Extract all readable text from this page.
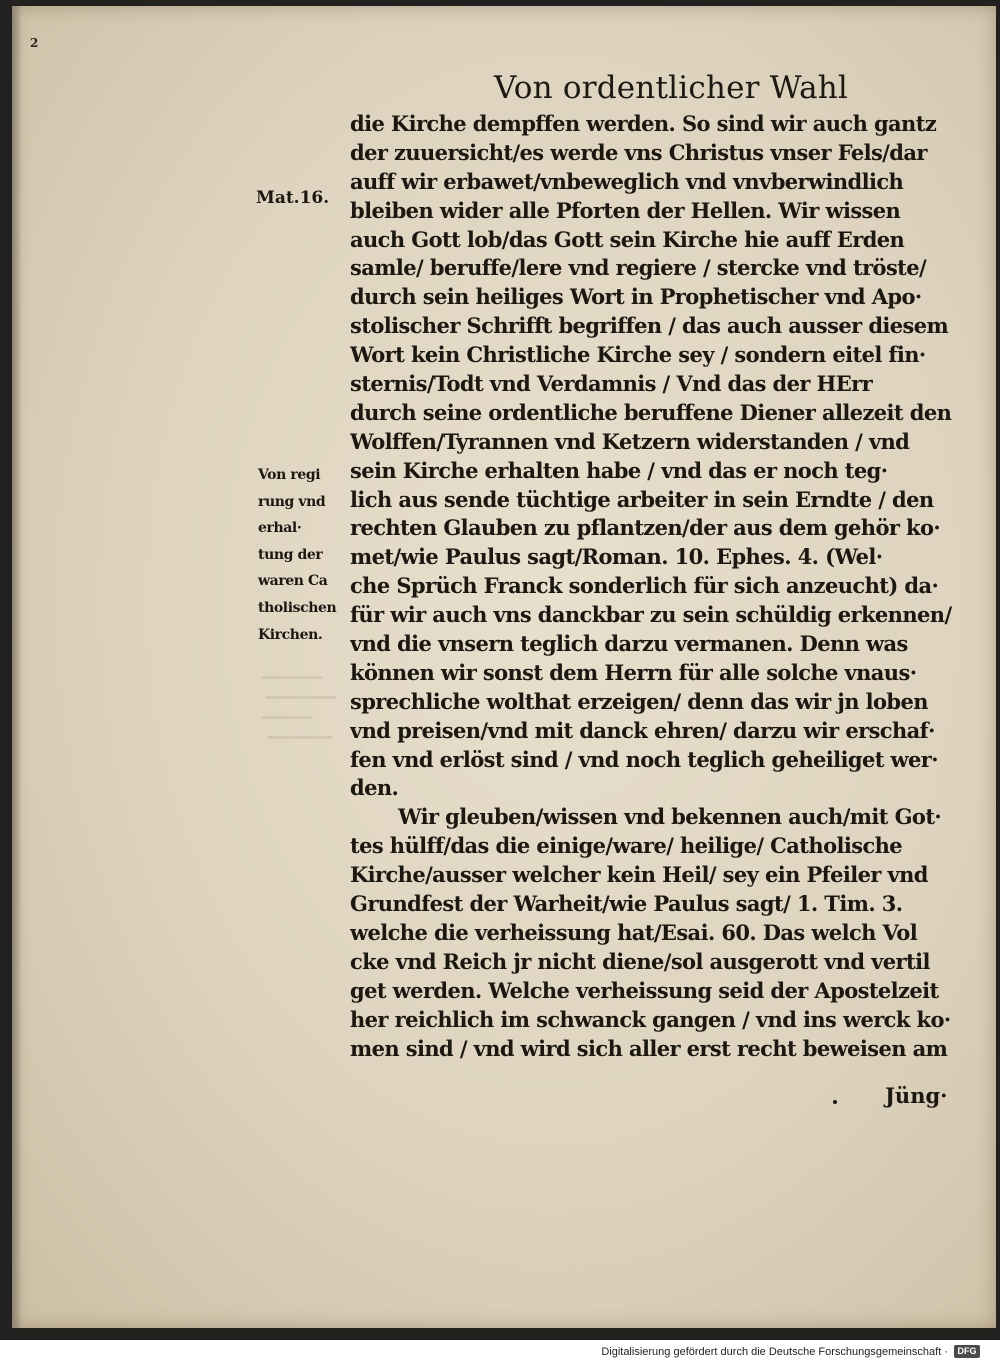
2
Von ordentlicher Wahl
Mat.16.
Von regi
rung vnd
erhal·
tung der
waren Ca
tholischen
Kirchen.
die Kirche dempffen werden. So sind wir auch gantz
der zuuersicht/es werde vns Christus vnser Fels/dar
auff wir erbawet/vnbeweglich vnd vnvberwindlich
bleiben wider alle Pforten der Hellen. Wir wissen
auch Gott lob/das Gott sein Kirche hie auff Erden
samle/ beruffe/lere vnd regiere / stercke vnd tröste/
durch sein heiliges Wort in Prophetischer vnd Apo·
stolischer Schrifft begriffen / das auch ausser diesem
Wort kein Christliche Kirche sey / sondern eitel fin·
sternis/Todt vnd Verdamnis / Vnd das der HErr
durch seine ordentliche beruffene Diener allezeit den
Wolffen/Tyrannen vnd Ketzern widerstanden / vnd
sein Kirche erhalten habe / vnd das er noch teg·
lich aus sende tüchtige arbeiter in sein Erndte / den
rechten Glauben zu pflantzen/der aus dem gehör ko·
met/wie Paulus sagt/Roman. 10. Ephes. 4. (Wel·
che Sprüch Franck sonderlich für sich anzeucht) da·
für wir auch vns danckbar zu sein schüldig erkennen/
vnd die vnsern teglich darzu vermanen. Denn was
können wir sonst dem Herrn für alle solche vnaus·
sprechliche wolthat erzeigen/ denn das wir jn loben
vnd preisen/vnd mit danck ehren/ darzu wir erschaf·
fen vnd erlöst sind / vnd noch teglich geheiliget wer·
den.
Wir gleuben/wissen vnd bekennen auch/mit Got·
tes hülff/das die einige/ware/ heilige/ Catholische
Kirche/ausser welcher kein Heil/ sey ein Pfeiler vnd
Grundfest der Warheit/wie Paulus sagt/ 1. Tim. 3.
welche die verheissung hat/Esai. 60. Das welch Vol
cke vnd Reich jr nicht diene/sol ausgerott vnd vertil
get werden. Welche verheissung seid der Apostelzeit
her reichlich im schwanck gangen / vnd ins werck ko·
men sind / vnd wird sich aller erst recht beweisen am
Jüng·
Digitalisierung gefördert durch die Deutsche Forschungsgemeinschaft ·	DFG
